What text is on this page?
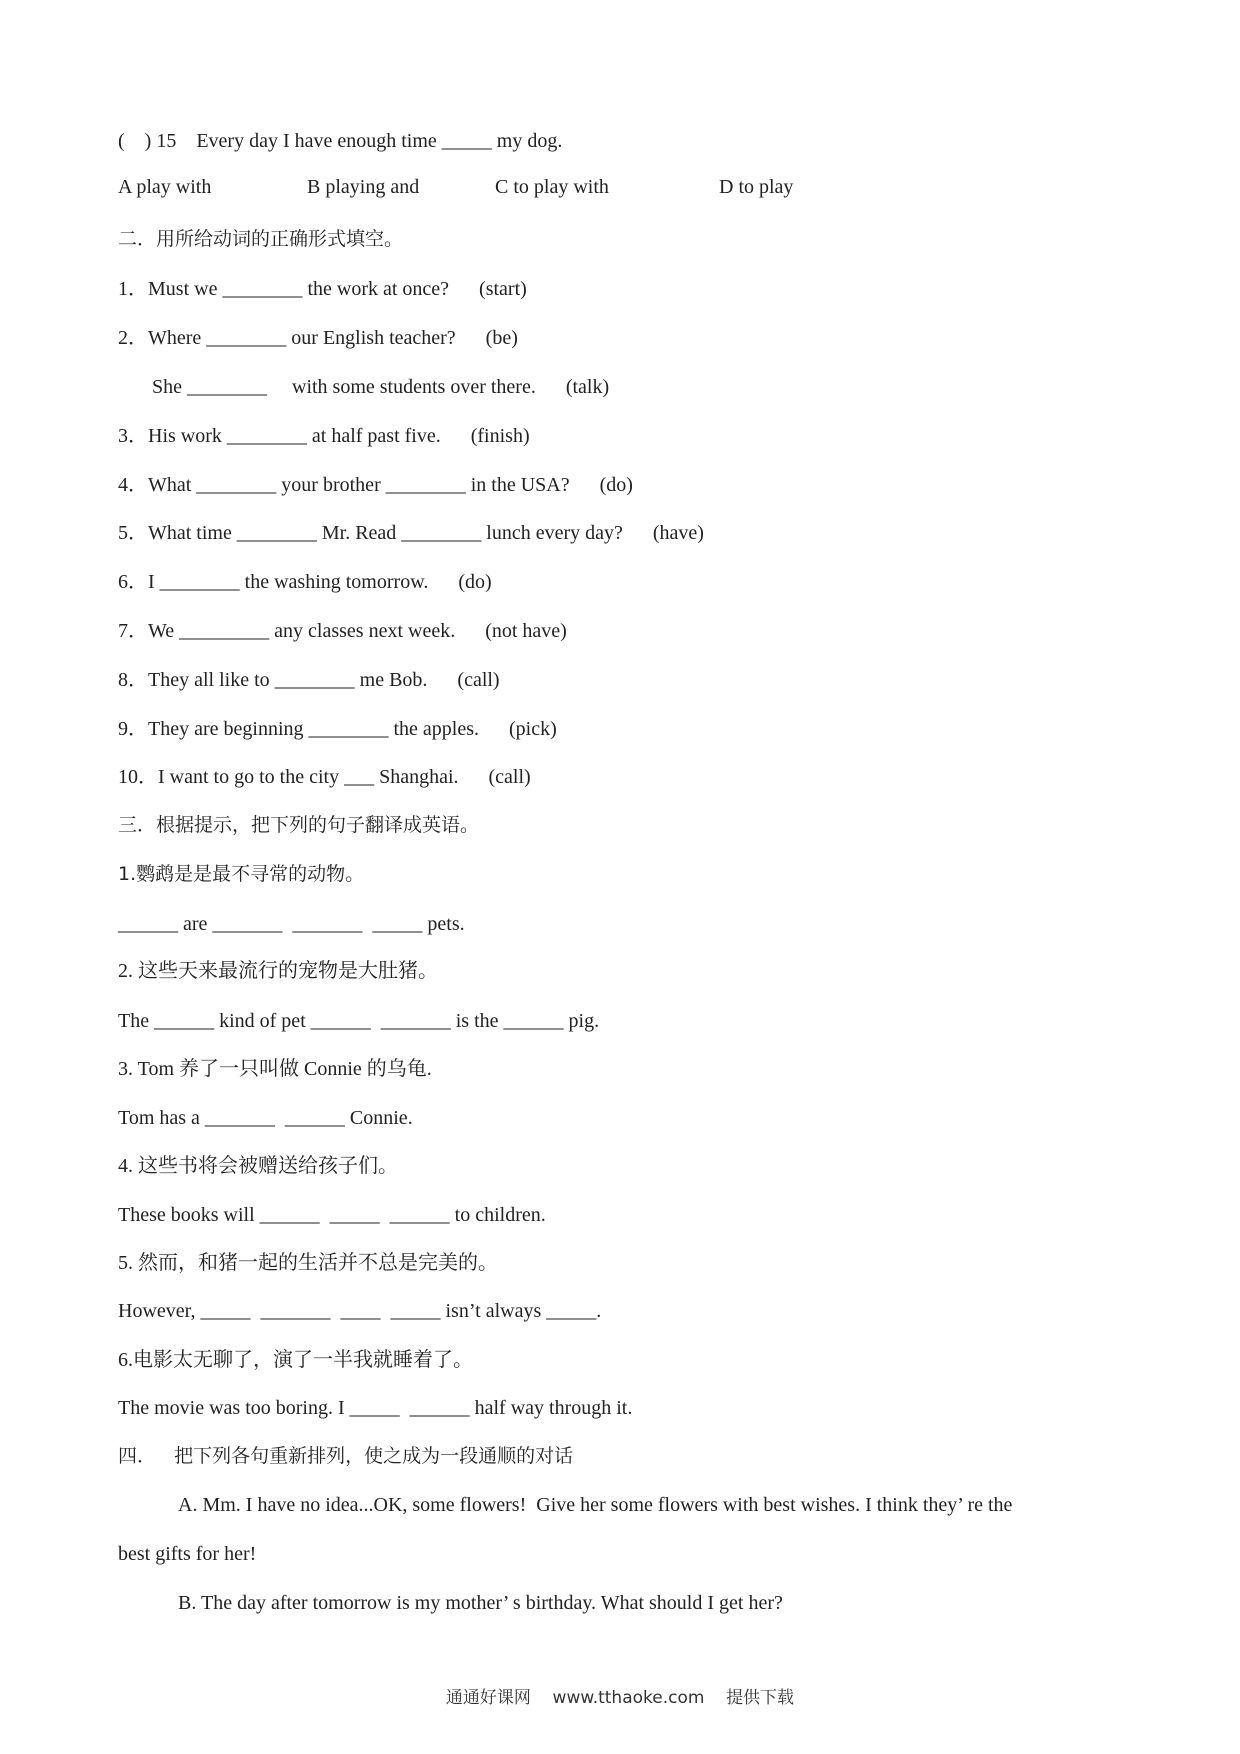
(    ) 15    Every day I have enough time _____ my dog.
A play with	B playing and	C to play with	D to play
二．用所给动词的正确形式填空。
1．Must we ________ the work at once?      (start)
2．Where ________ our English teacher?      (be)
She ________     with some students over there.      (talk)
3．His work ________ at half past five.      (finish)
4．What ________ your brother ________ in the USA?      (do)
5．What time ________ Mr. Read ________ lunch every day?      (have)
6．I ________ the washing tomorrow.      (do)
7．We _________ any classes next week.      (not have)
8．They all like to ________ me Bob.      (call)
9．They are beginning ________ the apples.      (pick)
10．I want to go to the city ___ Shanghai.      (call)
三．根据提示，把下列的句子翻译成英语。
1.鹦鹉是是最不寻常的动物。
______ are _______  _______  _____ pets.
2. 这些天来最流行的宠物是大肚猪。
The ______ kind of pet ______  _______ is the ______ pig.
3. Tom 养了一只叫做 Connie 的乌龟.
Tom has a _______  ______ Connie.
4. 这些书将会被赠送给孩子们。
These books will ______  _____  ______ to children.
5. 然而，和猪一起的生活并不总是完美的。
However, _____  _______  ____  _____ isn’t always _____.
6.电影太无聊了，演了一半我就睡着了。
The movie was too boring. I _____  ______ half way through it.
四．   把下列各句重新排列，使之成为一段通顺的对话
A. Mm. I have no idea...OK, some flowers!  Give her some flowers with best wishes. I think they’ re the
best gifts for her!
B. The day after tomorrow is my mother’ s birthday. What should I get her?
通通好课网 www.tthaoke.com 提供下载
